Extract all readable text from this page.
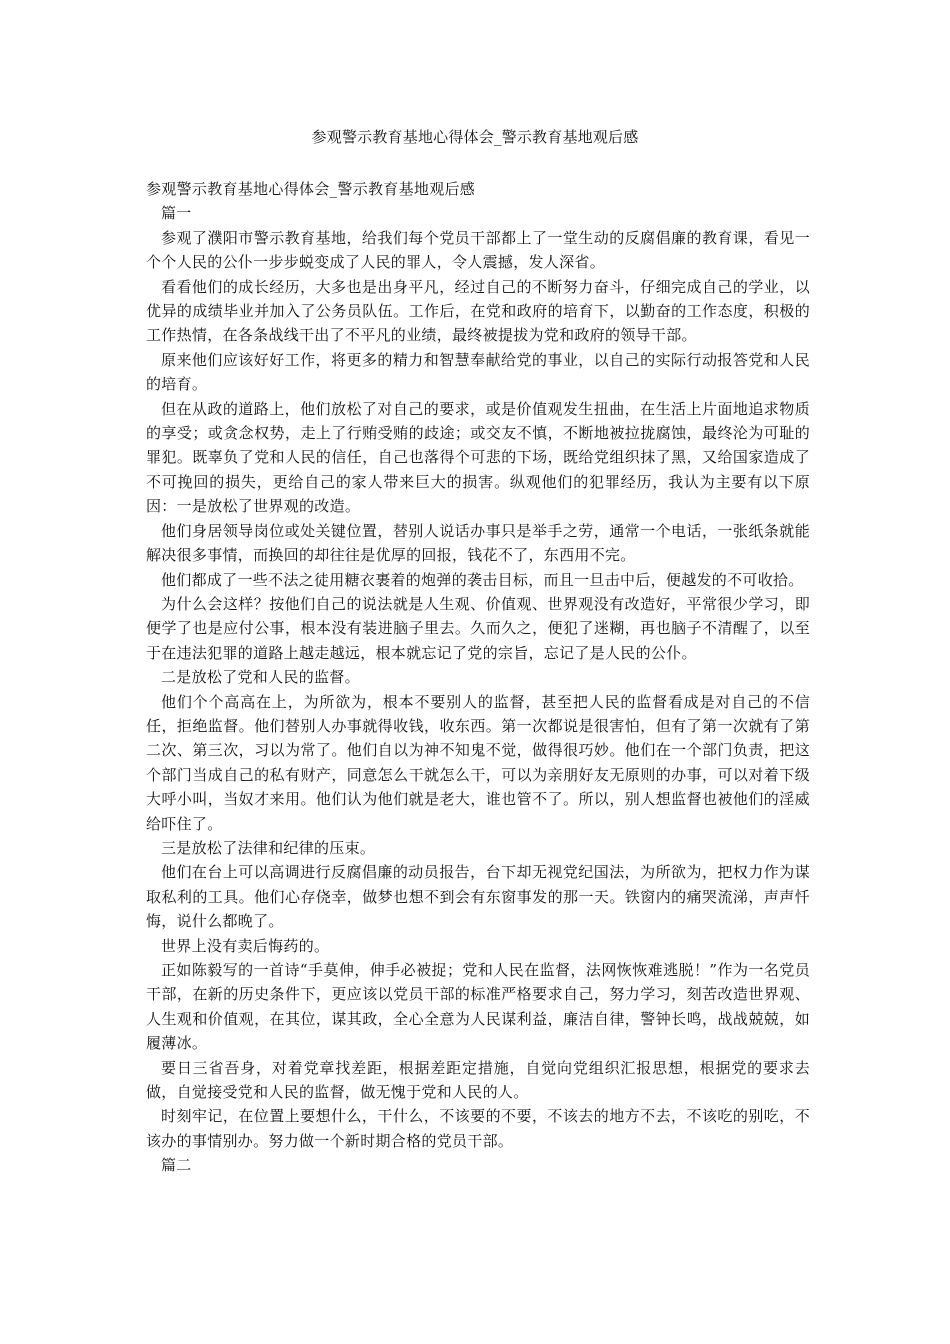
参观警示教育基地心得体会_警示教育基地观后感
参观警示教育基地心得体会_警示教育基地观后感

篇一

参观了濮阳市警示教育基地，给我们每个党员干部都上了一堂生动的反腐倡廉的教育课，看见一个个人民的公仆一步步蜕变成了人民的罪人，令人震撼，发人深省。

看看他们的成长经历，大多也是出身平凡，经过自己的不断努力奋斗，仔细完成自己的学业，以优异的成绩毕业并加入了公务员队伍。工作后，在党和政府的培育下，以勤奋的工作态度，积极的工作热情，在各条战线干出了不平凡的业绩，最终被提拔为党和政府的领导干部。

原来他们应该好好工作，将更多的精力和智慧奉献给党的事业，以自己的实际行动报答党和人民的培育。

但在从政的道路上，他们放松了对自己的要求，或是价值观发生扭曲，在生活上片面地追求物质的享受；或贪念权势，走上了行贿受贿的歧途；或交友不慎，不断地被拉拢腐蚀，最终沦为可耻的罪犯。既辜负了党和人民的信任，自己也落得个可悲的下场，既给党组织抹了黑，又给国家造成了不可挽回的损失，更给自己的家人带来巨大的损害。纵观他们的犯罪经历，我认为主要有以下原因：一是放松了世界观的改造。

他们身居领导岗位或处关键位置，替别人说话办事只是举手之劳，通常一个电话，一张纸条就能解决很多事情，而换回的却往往是优厚的回报，钱花不了，东西用不完。

他们都成了一些不法之徒用糖衣裹着的炮弹的袭击目标，而且一旦击中后，便越发的不可收拾。

为什么会这样？按他们自己的说法就是人生观、价值观、世界观没有改造好，平常很少学习，即便学了也是应付公事，根本没有装进脑子里去。久而久之，便犯了迷糊，再也脑子不清醒了，以至于在违法犯罪的道路上越走越远，根本就忘记了党的宗旨，忘记了是人民的公仆。

二是放松了党和人民的监督。

他们个个高高在上，为所欲为，根本不要别人的监督，甚至把人民的监督看成是对自己的不信任，拒绝监督。他们替别人办事就得收钱，收东西。第一次都说是很害怕，但有了第一次就有了第二次、第三次，习以为常了。他们自以为神不知鬼不觉，做得很巧妙。他们在一个部门负责，把这个部门当成自己的私有财产，同意怎么干就怎么干，可以为亲朋好友无原则的办事，可以对着下级大呼小叫，当奴才来用。他们认为他们就是老大，谁也管不了。所以，别人想监督也被他们的淫威给吓住了。

三是放松了法律和纪律的压束。

他们在台上可以高调进行反腐倡廉的动员报告，台下却无视党纪国法，为所欲为，把权力作为谋取私利的工具。他们心存侥幸，做梦也想不到会有东窗事发的那一天。铁窗内的痛哭流涕，声声忏悔，说什么都晚了。

世界上没有卖后悔药的。

正如陈毅写的一首诗“手莫伸，伸手必被捉；党和人民在监督，法网恢恢难逃脱！”作为一名党员干部，在新的历史条件下，更应该以党员干部的标准严格要求自己，努力学习，刻苦改造世界观、人生观和价值观，在其位，谋其政，全心全意为人民谋利益，廉洁自律，警钟长鸣，战战兢兢，如履薄冰。

要日三省吾身，对着党章找差距，根据差距定措施，自觉向党组织汇报思想，根据党的要求去做，自觉接受党和人民的监督，做无愧于党和人民的人。

时刻牢记，在位置上要想什么，干什么，不该要的不要，不该去的地方不去，不该吃的别吃，不该办的事情别办。努力做一个新时期合格的党员干部。

篇二
